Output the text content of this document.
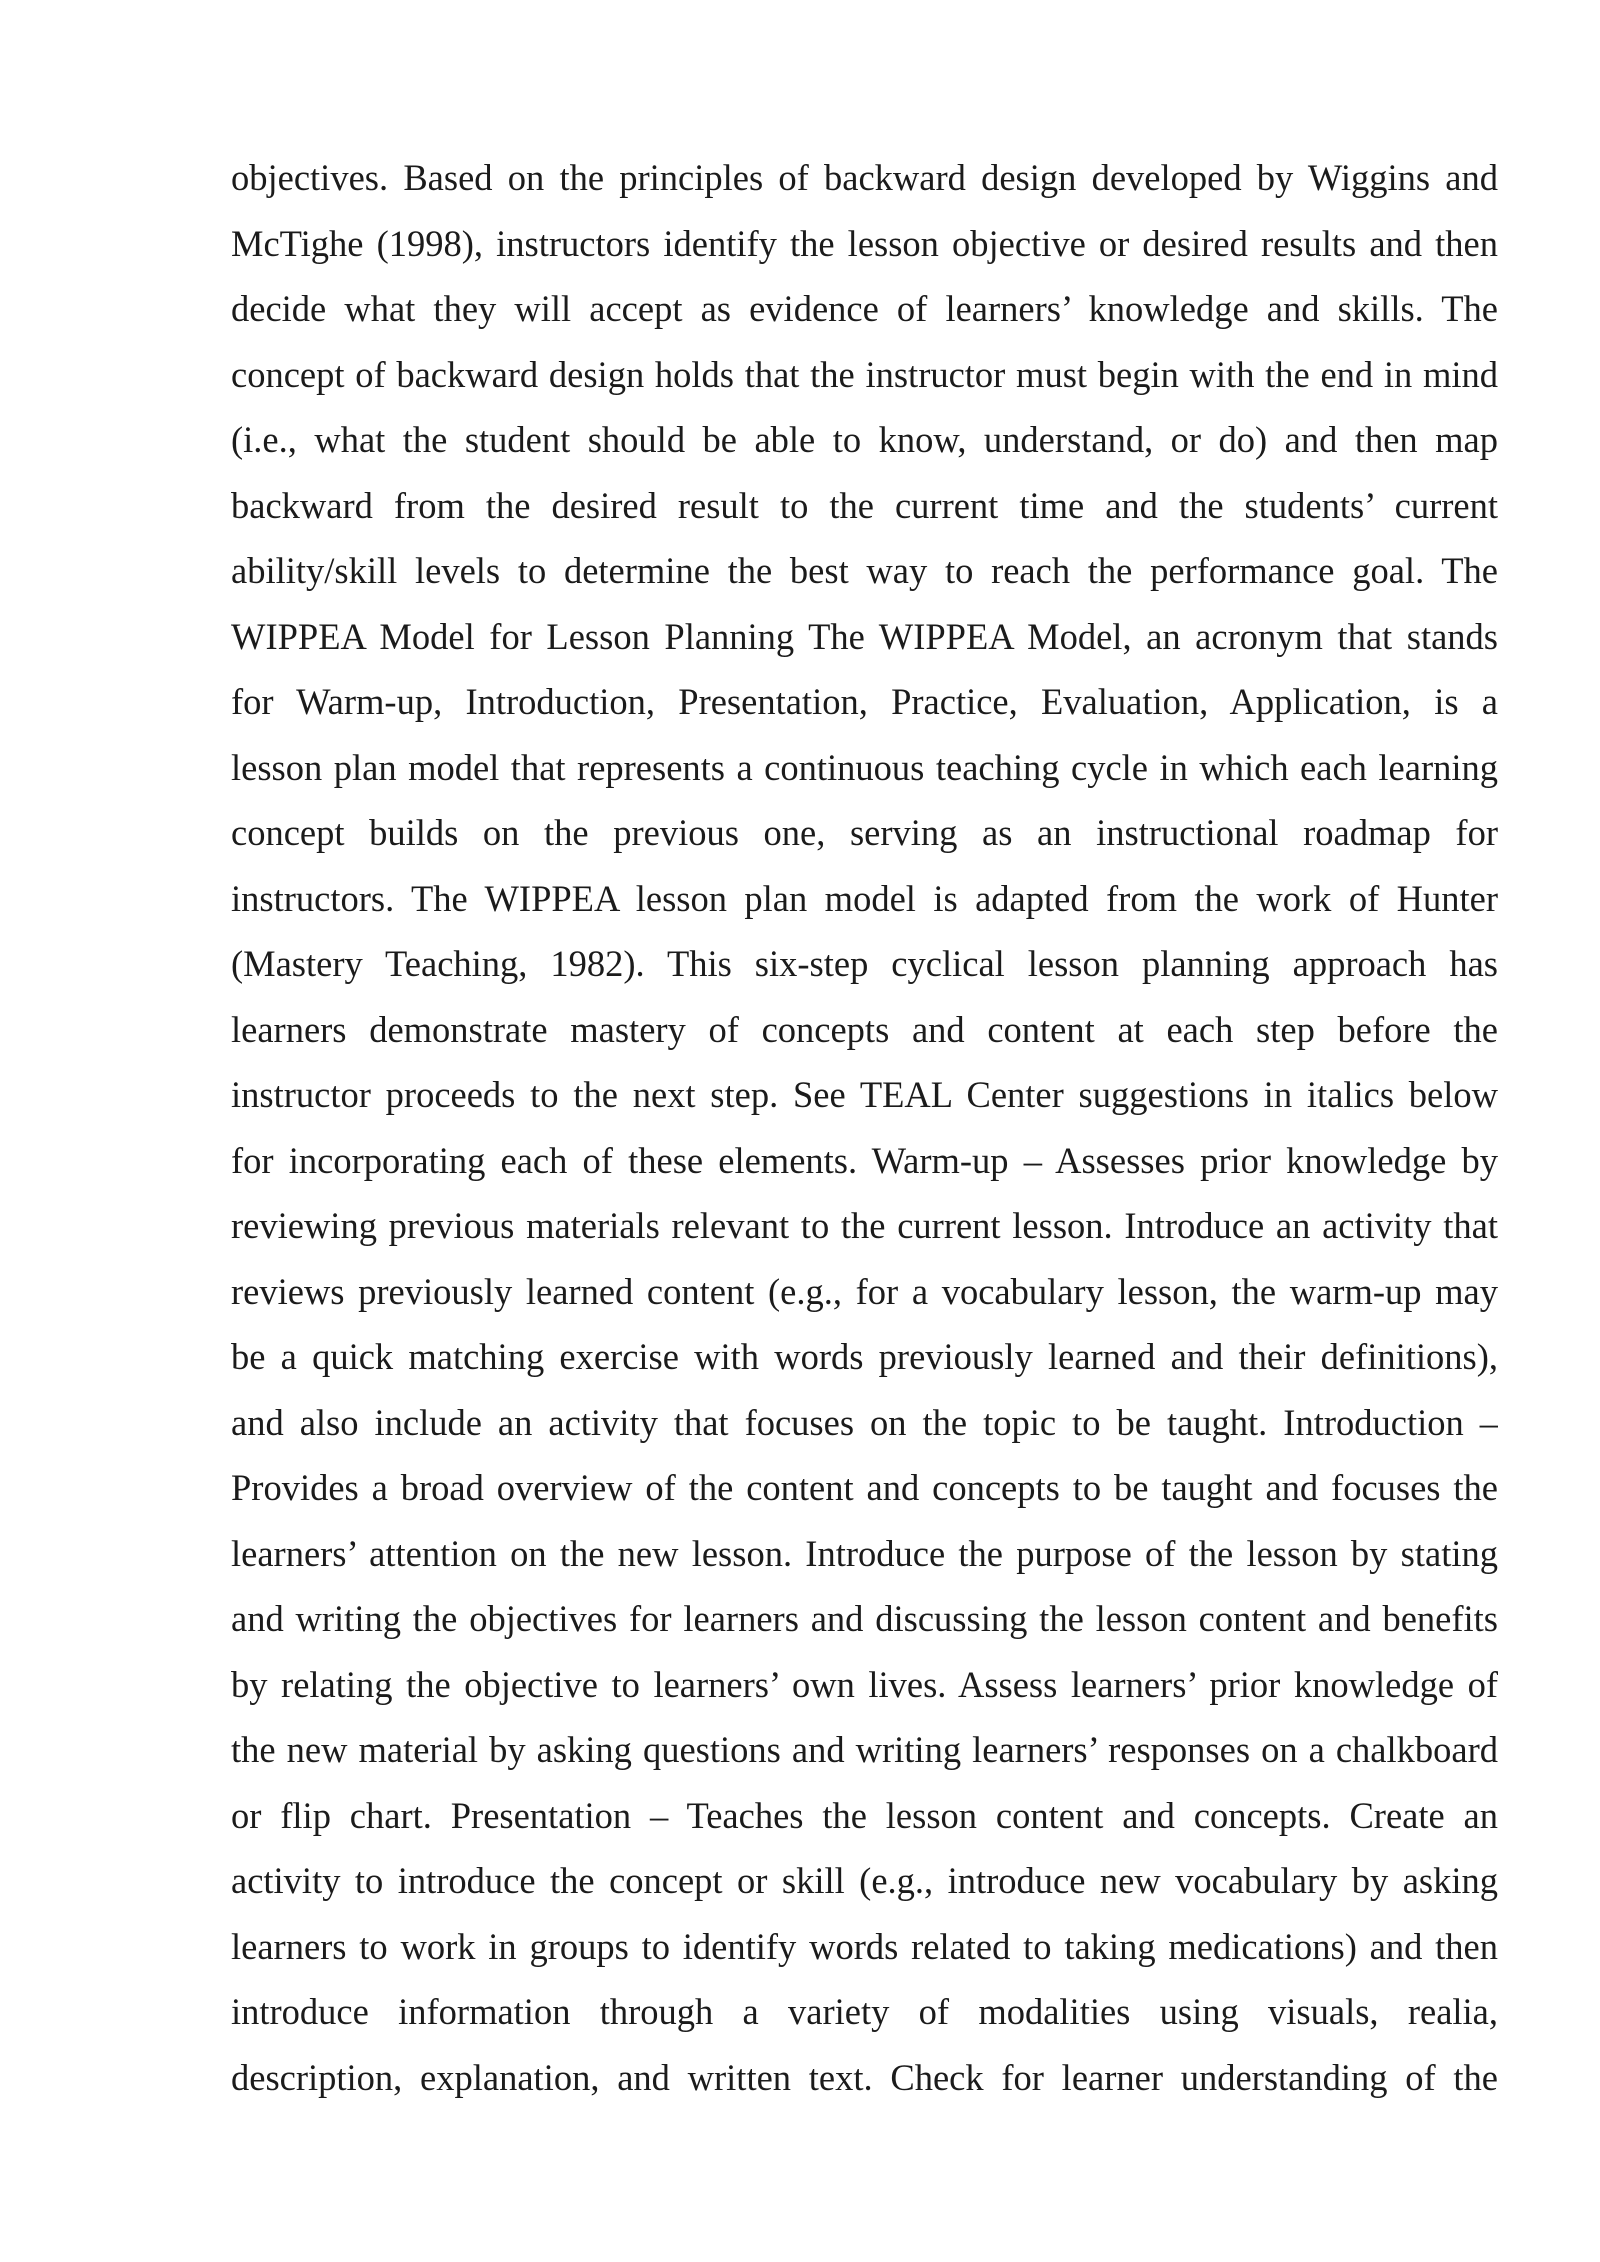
objectives. Based on the principles of backward design developed by Wiggins and
McTighe (1998), instructors identify the lesson objective or desired results and then
decide what they will accept as evidence of learners’ knowledge and skills. The
concept of backward design holds that the instructor must begin with the end in mind
(i.e., what the student should be able to know, understand, or do) and then map
backward from the desired result to the current time and the students’ current
ability/skill levels to determine the best way to reach the performance goal. The
WIPPEA Model for Lesson Planning The WIPPEA Model, an acronym that stands
for Warm-up, Introduction, Presentation, Practice, Evaluation, Application, is a
lesson plan model that represents a continuous teaching cycle in which each learning
concept builds on the previous one, serving as an instructional roadmap for
instructors. The WIPPEA lesson plan model is adapted from the work of Hunter
(Mastery Teaching, 1982). This six-step cyclical lesson planning approach has
learners demonstrate mastery of concepts and content at each step before the
instructor proceeds to the next step. See TEAL Center suggestions in italics below
for incorporating each of these elements. Warm-up – Assesses prior knowledge by
reviewing previous materials relevant to the current lesson. Introduce an activity that
reviews previously learned content (e.g., for a vocabulary lesson, the warm-up may
be a quick matching exercise with words previously learned and their definitions),
and also include an activity that focuses on the topic to be taught. Introduction –
Provides a broad overview of the content and concepts to be taught and focuses the
learners’ attention on the new lesson. Introduce the purpose of the lesson by stating
and writing the objectives for learners and discussing the lesson content and benefits
by relating the objective to learners’ own lives. Assess learners’ prior knowledge of
the new material by asking questions and writing learners’ responses on a chalkboard
or flip chart. Presentation – Teaches the lesson content and concepts. Create an
activity to introduce the concept or skill (e.g., introduce new vocabulary by asking
learners to work in groups to identify words related to taking medications) and then
introduce information through a variety of modalities using visuals, realia,
description, explanation, and written text. Check for learner understanding of the
